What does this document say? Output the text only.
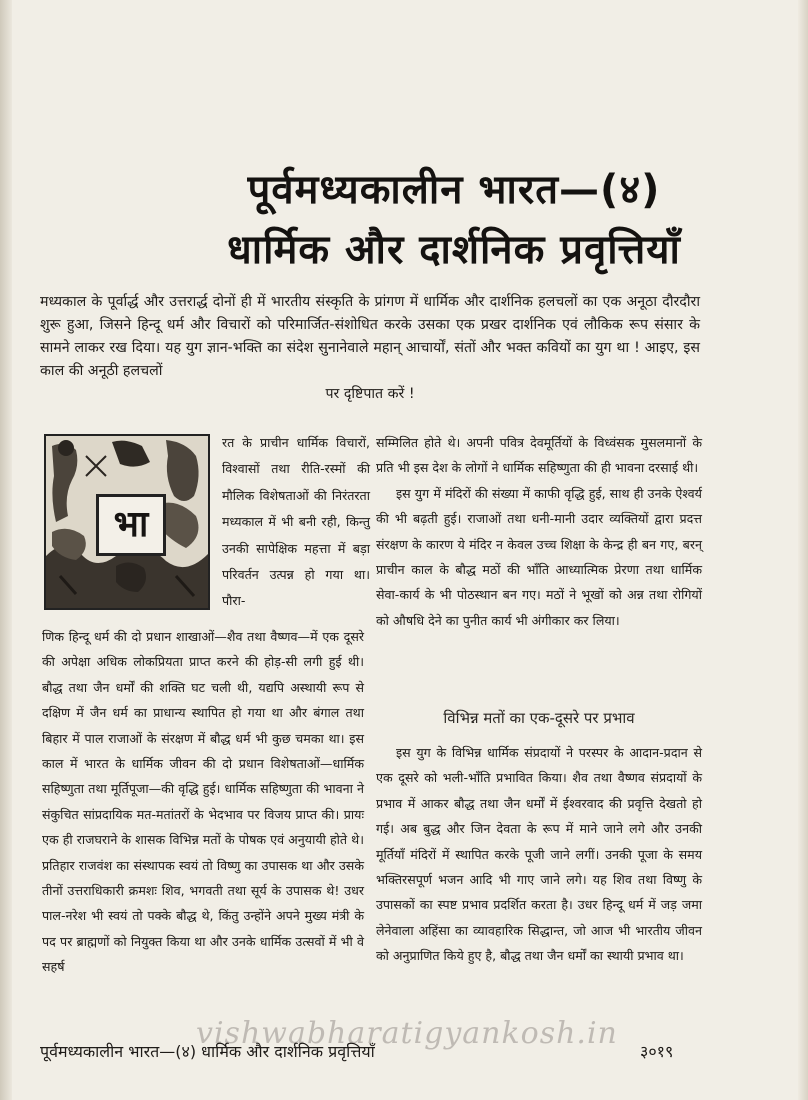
पूर्वमध्यकालीन भारत—(४)
धार्मिक और दार्शनिक प्रवृत्तियाँ
मध्यकाल के पूर्वार्द्ध और उत्तरार्द्ध दोनों ही में भारतीय संस्कृति के प्रांगण में धार्मिक और दार्शनिक हलचलों का एक अनूठा दौरदौरा शुरू हुआ, जिसने हिन्दू धर्म और विचारों को परिमार्जित-संशोधित करके उसका एक प्रखर दार्शनिक एवं लौकिक रूप संसार के सामने लाकर रख दिया। यह युग ज्ञान-भक्ति का संदेश सुनानेवाले महान् आचार्यों, संतों और भक्त कवियों का युग था ! आइए, इस काल की अनूठी हलचलों
पर दृष्टिपात करें !
भा
रत के प्राचीन धार्मिक विचारों, विश्वासों तथा रीति-रस्मों की मौलिक विशेषताओं की निरंतरता मध्यकाल में भी बनी रही, किन्तु उनकी सापेक्षिक महत्ता में बड़ा परिवर्तन उत्पन्न हो गया था। पौरा-
णिक हिन्दू धर्म की दो प्रधान शाखाओं—शैव तथा वैष्णव—में एक दूसरे की अपेक्षा अधिक लोकप्रियता प्राप्त करने की होड़-सी लगी हुई थी। बौद्ध तथा जैन धर्मों की शक्ति घट चली थी, यद्यपि अस्थायी रूप से दक्षिण में जैन धर्म का प्राधान्य स्थापित हो गया था और बंगाल तथा बिहार में पाल राजाओं के संरक्षण में बौद्ध धर्म भी कुछ चमका था। इस काल में भारत के धार्मिक जीवन की दो प्रधान विशेषताओं—धार्मिक सहिष्णुता तथा मूर्तिपूजा—की वृद्धि हुई। धार्मिक सहिष्णुता की भावना ने संकुचित सांप्रदायिक मत-मतांतरों के भेदभाव पर विजय प्राप्त की। प्रायः एक ही राजघराने के शासक विभिन्न मतों के पोषक एवं अनुयायी होते थे। प्रतिहार राजवंश का संस्थापक स्वयं तो विष्णु का उपासक था और उसके तीनों उत्तराधिकारी क्रमशः शिव, भगवती तथा सूर्य के उपासक थे! उधर पाल-नरेश भी स्वयं तो पक्के बौद्ध थे, किंतु उन्होंने अपने मुख्य मंत्री के पद पर ब्राह्मणों को नियुक्त किया था और उनके धार्मिक उत्सवों में भी वे सहर्ष

सम्मिलित होते थे। अपनी पवित्र देवमूर्तियों के विध्वंसक मुसलमानों के प्रति भी इस देश के लोगों ने धार्मिक सहिष्णुता की ही भावना दरसाई थी।

इस युग में मंदिरों की संख्या में काफी वृद्धि हुई, साथ ही उनके ऐश्वर्य की भी बढ़ती हुई। राजाओं तथा धनी-मानी उदार व्यक्तियों द्वारा प्रदत्त संरक्षण के कारण ये मंदिर न केवल उच्च शिक्षा के केन्द्र ही बन गए, बरन् प्राचीन काल के बौद्ध मठों की भाँति आध्यात्मिक प्रेरणा तथा धार्मिक सेवा-कार्य के भी पोठस्थान बन गए। मठों ने भूखों को अन्न तथा रोगियों को औषधि देने का पुनीत कार्य भी अंगीकार कर लिया।

विभिन्न मतों का एक-दूसरे पर प्रभाव

इस युग के विभिन्न धार्मिक संप्रदायों ने परस्पर के आदान-प्रदान से एक दूसरे को भली-भाँति प्रभावित किया। शैव तथा वैष्णव संप्रदायों के प्रभाव में आकर बौद्ध तथा जैन धर्मों में ईश्वरवाद की प्रवृत्ति देखतो हो गई। अब बुद्ध और जिन देवता के रूप में माने जाने लगे और उनकी मूर्तियाँ मंदिरों में स्थापित करके पूजी जाने लगीं। उनकी पूजा के समय भक्तिरसपूर्ण भजन आदि भी गाए जाने लगे। यह शिव तथा विष्णु के उपासकों का स्पष्ट प्रभाव प्रदर्शित करता है। उधर हिन्दू धर्म में जड़ जमा लेनेवाला अहिंसा का व्यावहारिक सिद्धान्त, जो आज भी भारतीय जीवन को अनुप्राणित किये हुए है, बौद्ध तथा जैन धर्मों का स्थायी प्रभाव था।

vishwabharatigyankosh.in
पूर्वमध्यकालीन भारत—(४) धार्मिक और दार्शनिक प्रवृत्तियाँ	३०१९
